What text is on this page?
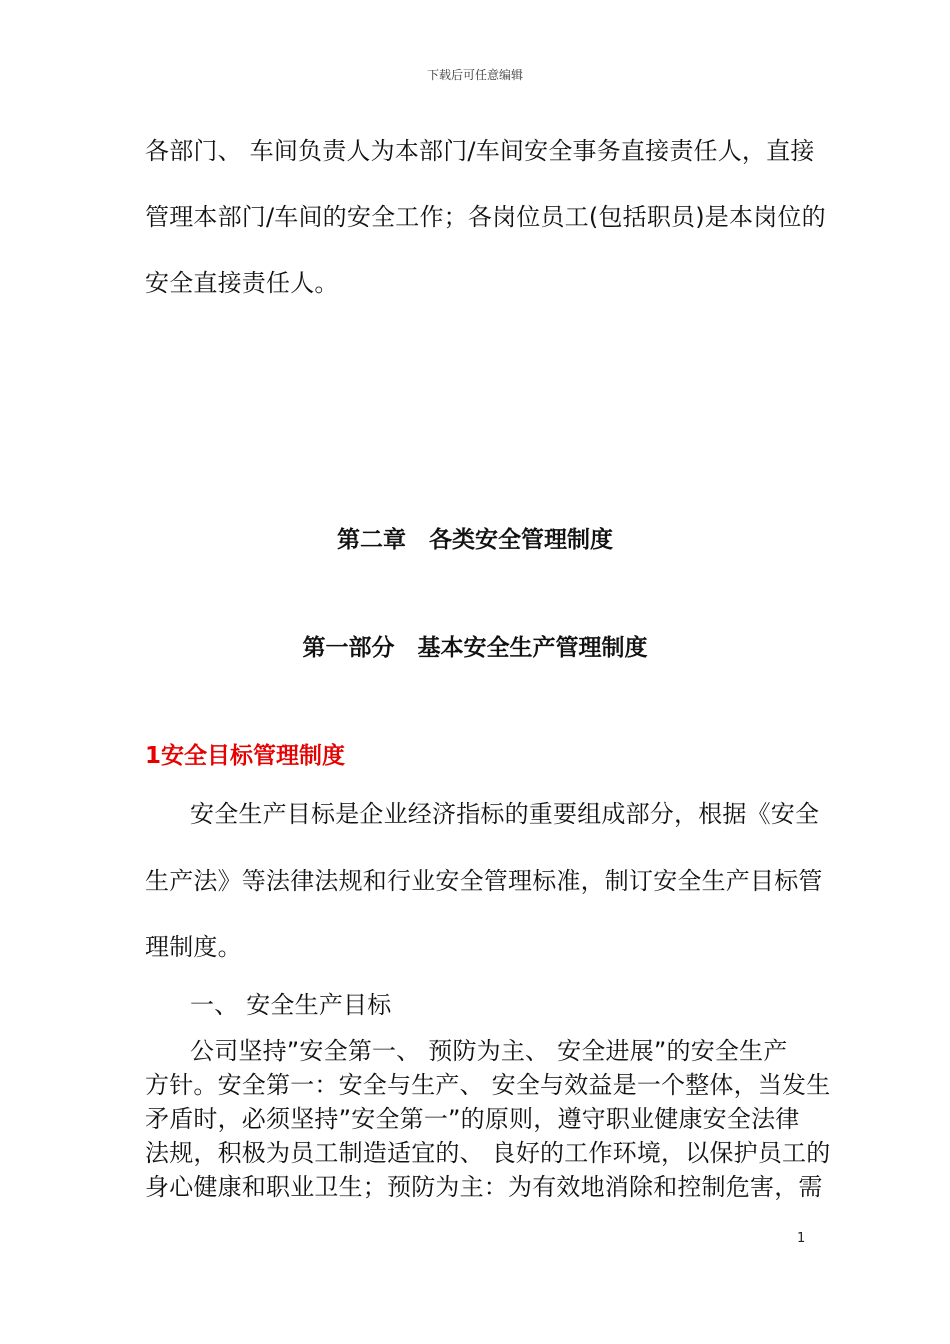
下载后可任意编辑
各部门、 车间负责人为本部门/车间安全事务直接责任人，直接
管理本部门/车间的安全工作；各岗位员工(包括职员)是本岗位的
安全直接责任人。
第二章　各类安全管理制度
第一部分　基本安全生产管理制度
1安全目标管理制度
安全生产目标是企业经济指标的重要组成部分，根据《安全
生产法》等法律法规和行业安全管理标准，制订安全生产目标管
理制度。
一、 安全生产目标
公司坚持”安全第一、 预防为主、 安全进展”的安全生产
方针。安全第一：安全与生产、 安全与效益是一个整体，当发生
矛盾时，必须坚持”安全第一”的原则，遵守职业健康安全法律
法规，积极为员工制造适宜的、 良好的工作环境，以保护员工的
身心健康和职业卫生；预防为主：为有效地消除和控制危害，需
1
